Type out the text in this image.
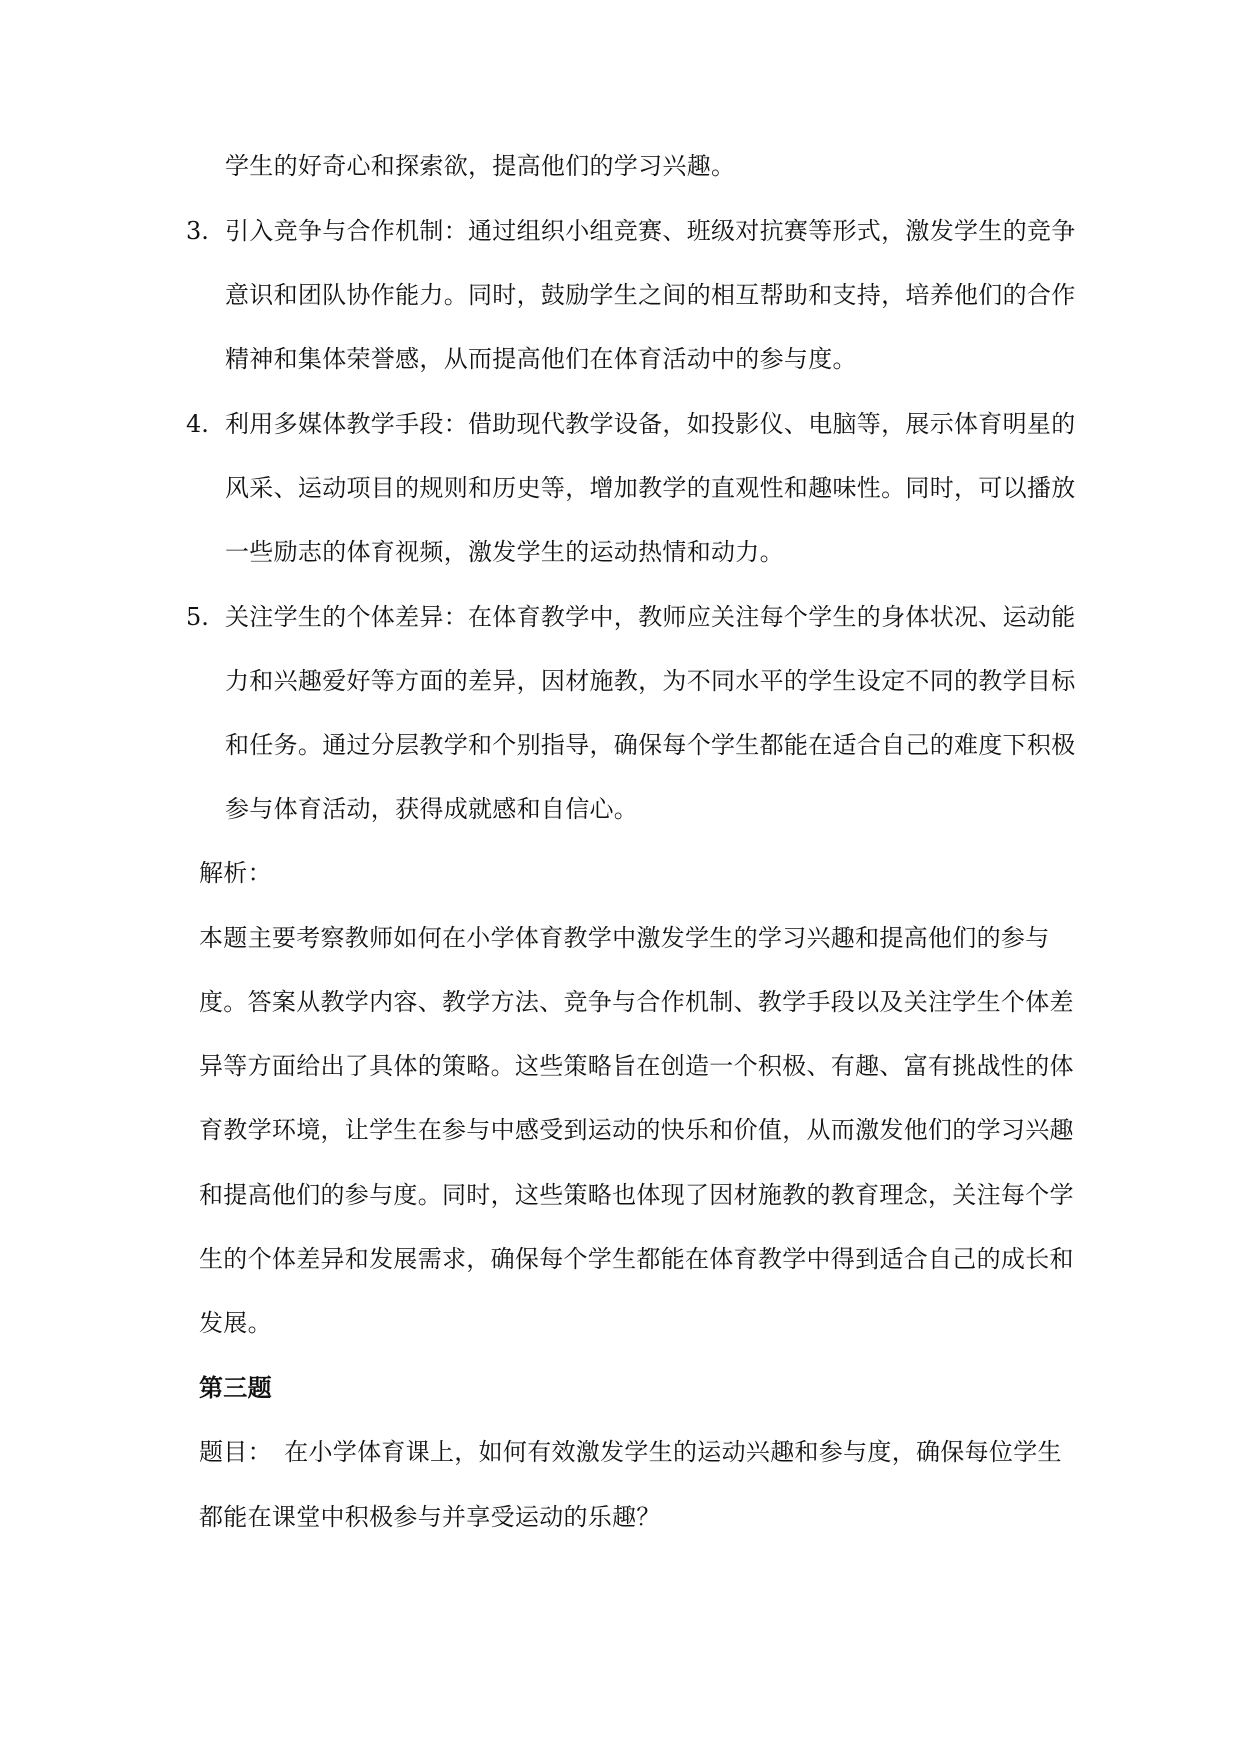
学生的好奇心和探索欲，提高他们的学习兴趣。
3. 引入竞争与合作机制：通过组织小组竞赛、班级对抗赛等形式，激发学生的竞争
意识和团队协作能力。同时，鼓励学生之间的相互帮助和支持，培养他们的合作
精神和集体荣誉感，从而提高他们在体育活动中的参与度。
4. 利用多媒体教学手段：借助现代教学设备，如投影仪、电脑等，展示体育明星的
风采、运动项目的规则和历史等，增加教学的直观性和趣味性。同时，可以播放
一些励志的体育视频，激发学生的运动热情和动力。
5. 关注学生的个体差异：在体育教学中，教师应关注每个学生的身体状况、运动能
力和兴趣爱好等方面的差异，因材施教，为不同水平的学生设定不同的教学目标
和任务。通过分层教学和个别指导，确保每个学生都能在适合自己的难度下积极
参与体育活动，获得成就感和自信心。
解析：
本题主要考察教师如何在小学体育教学中激发学生的学习兴趣和提高他们的参与
度。答案从教学内容、教学方法、竞争与合作机制、教学手段以及关注学生个体差
异等方面给出了具体的策略。这些策略旨在创造一个积极、有趣、富有挑战性的体
育教学环境，让学生在参与中感受到运动的快乐和价值，从而激发他们的学习兴趣
和提高他们的参与度。同时，这些策略也体现了因材施教的教育理念，关注每个学
生的个体差异和发展需求，确保每个学生都能在体育教学中得到适合自己的成长和
发展。
第三题
题目：　在小学体育课上，如何有效激发学生的运动兴趣和参与度，确保每位学生
都能在课堂中积极参与并享受运动的乐趣？
